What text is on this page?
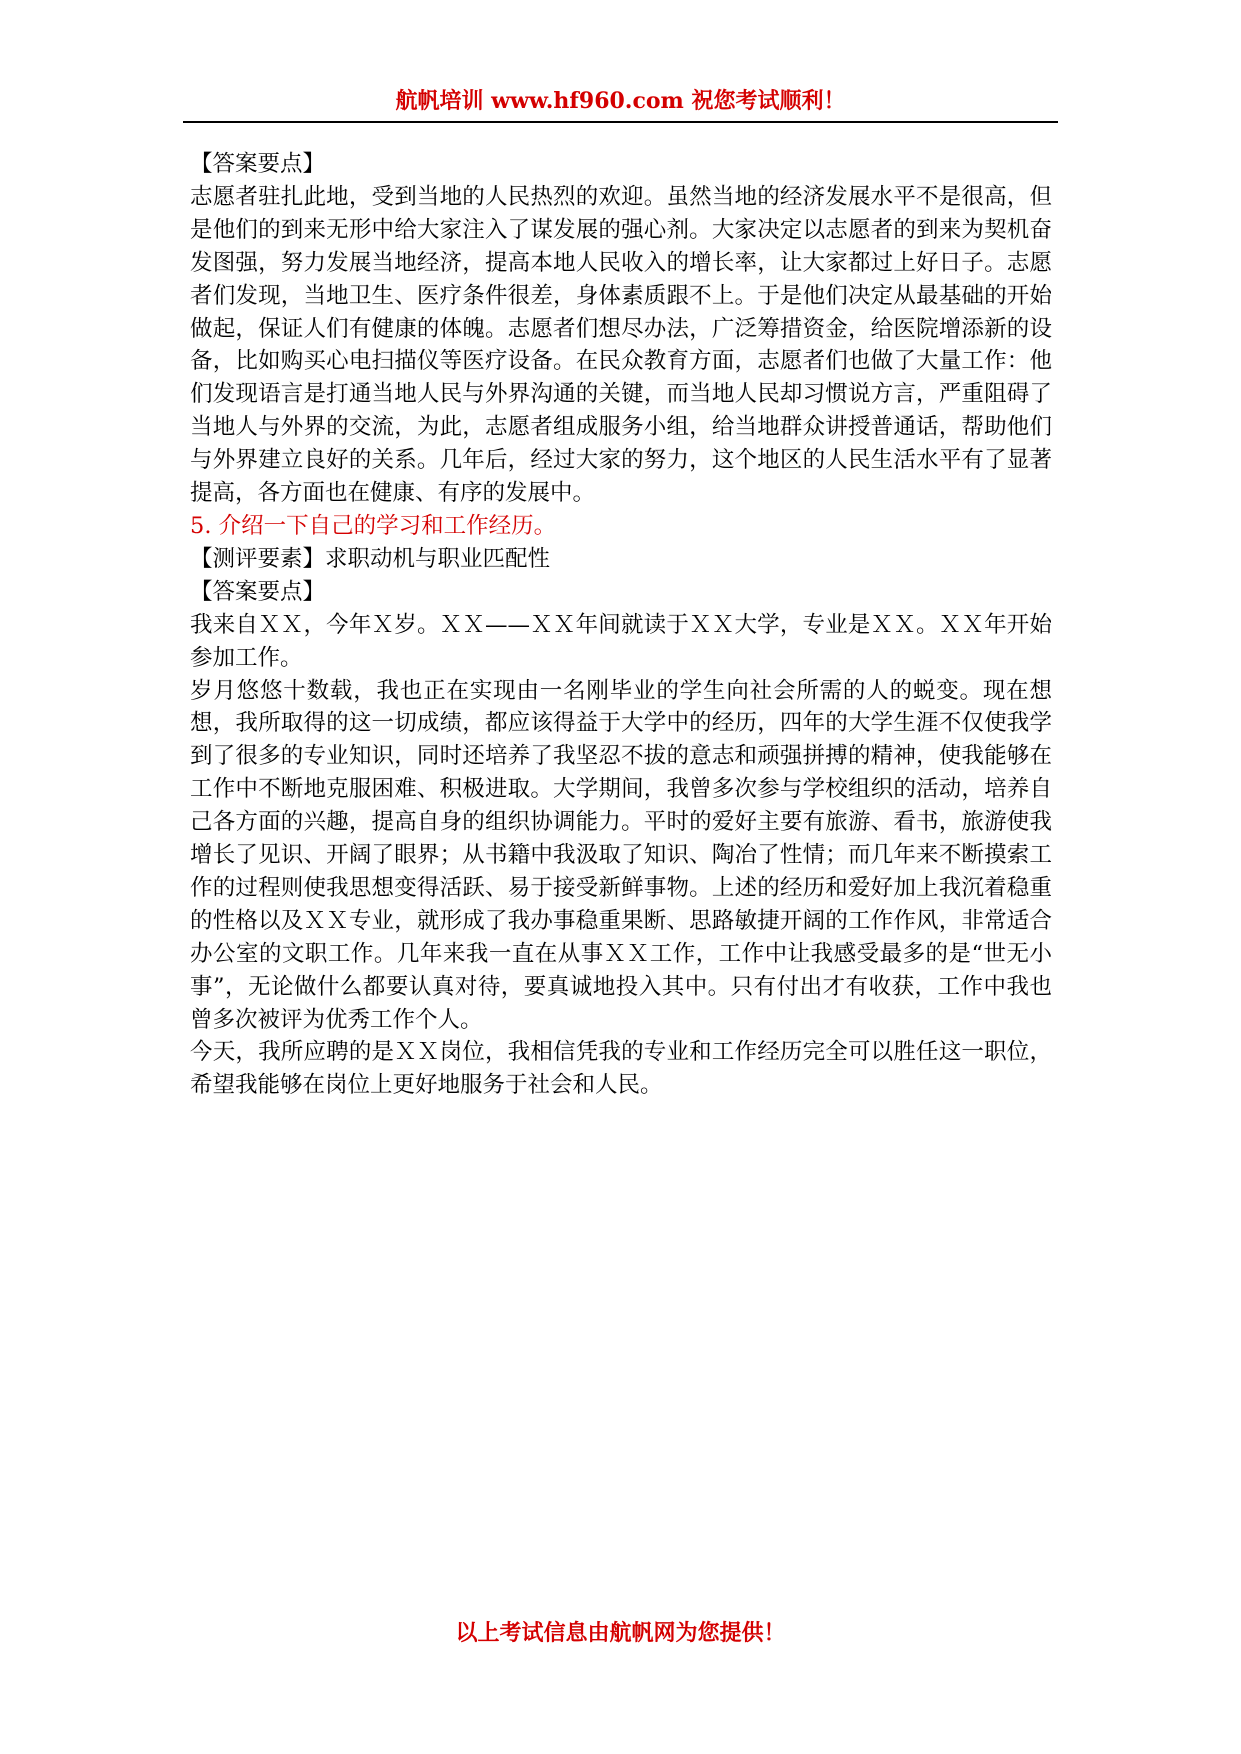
航帆培训 www.hf960.com 祝您考试顺利！

【答案要点】

志愿者驻扎此地，受到当地的人民热烈的欢迎。虽然当地的经济发展水平不是很高，但是他们的到来无形中给大家注入了谋发展的强心剂。大家决定以志愿者的到来为契机奋发图强，努力发展当地经济，提高本地人民收入的增长率，让大家都过上好日子。志愿者们发现，当地卫生、医疗条件很差，身体素质跟不上。于是他们决定从最基础的开始做起，保证人们有健康的体魄。志愿者们想尽办法，广泛筹措资金，给医院增添新的设备，比如购买心电扫描仪等医疗设备。在民众教育方面，志愿者们也做了大量工作：他们发现语言是打通当地人民与外界沟通的关键，而当地人民却习惯说方言，严重阻碍了当地人与外界的交流，为此，志愿者组成服务小组，给当地群众讲授普通话，帮助他们与外界建立良好的关系。几年后，经过大家的努力，这个地区的人民生活水平有了显著提高，各方面也在健康、有序的发展中。

5. 介绍一下自己的学习和工作经历。

【测评要素】求职动机与职业匹配性

【答案要点】

我来自ＸＸ，今年Ｘ岁。ＸＸ——ＸＸ年间就读于ＸＸ大学，专业是ＸＸ。ＸＸ年开始参加工作。

岁月悠悠十数载，我也正在实现由一名刚毕业的学生向社会所需的人的蜕变。现在想想，我所取得的这一切成绩，都应该得益于大学中的经历，四年的大学生涯不仅使我学到了很多的专业知识，同时还培养了我坚忍不拔的意志和顽强拼搏的精神，使我能够在工作中不断地克服困难、积极进取。大学期间，我曾多次参与学校组织的活动，培养自己各方面的兴趣，提高自身的组织协调能力。平时的爱好主要有旅游、看书，旅游使我增长了见识、开阔了眼界；从书籍中我汲取了知识、陶冶了性情；而几年来不断摸索工作的过程则使我思想变得活跃、易于接受新鲜事物。上述的经历和爱好加上我沉着稳重的性格以及ＸＸ专业，就形成了我办事稳重果断、思路敏捷开阔的工作作风，非常适合办公室的文职工作。几年来我一直在从事ＸＸ工作，工作中让我感受最多的是“世无小事”，无论做什么都要认真对待，要真诚地投入其中。只有付出才有收获，工作中我也曾多次被评为优秀工作个人。

今天，我所应聘的是ＸＸ岗位，我相信凭我的专业和工作经历完全可以胜任这一职位，希望我能够在岗位上更好地服务于社会和人民。

以上考试信息由航帆网为您提供！
